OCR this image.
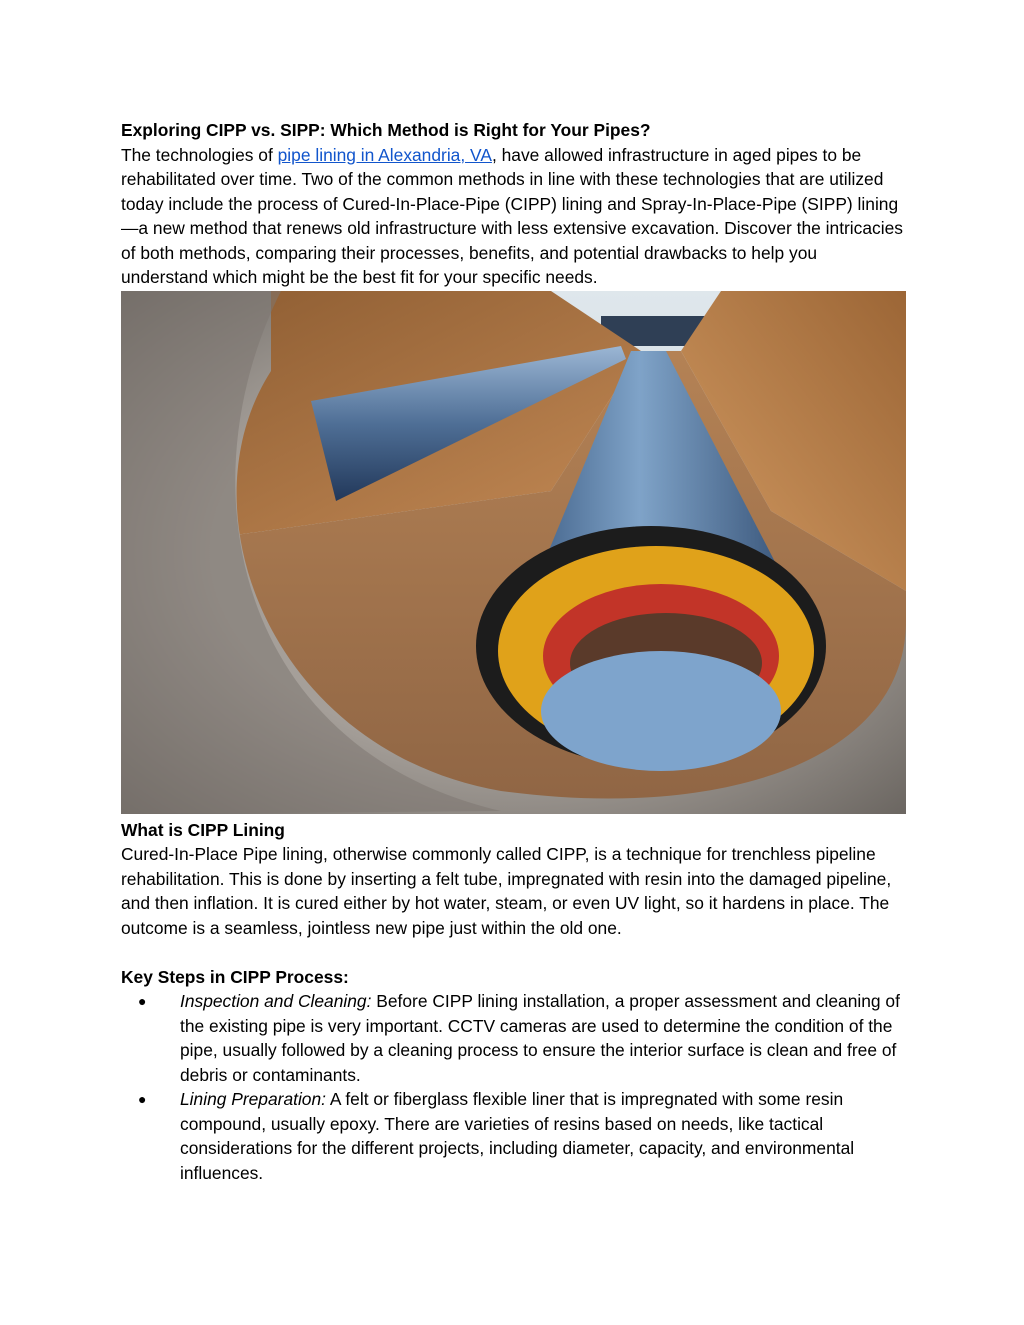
Exploring CIPP vs. SIPP: Which Method is Right for Your Pipes?

The technologies of pipe lining in Alexandria, VA, have allowed infrastructure in aged pipes to be rehabilitated over time. Two of the common methods in line with these technologies that are utilized today include the process of Cured-In-Place-Pipe (CIPP) lining and Spray-In-Place-Pipe (SIPP) lining—a new method that renews old infrastructure with less extensive excavation. Discover the intricacies of both methods, comparing their processes, benefits, and potential drawbacks to help you understand which might be the best fit for your specific needs.

What is CIPP Lining

Cured-In-Place Pipe lining, otherwise commonly called CIPP, is a technique for trenchless pipeline rehabilitation. This is done by inserting a felt tube, impregnated with resin into the damaged pipeline, and then inflation. It is cured either by hot water, steam, or even UV light, so it hardens in place. The outcome is a seamless, jointless new pipe just within the old one.

Key Steps in CIPP Process:

● Inspection and Cleaning: Before CIPP lining installation, a proper assessment and cleaning of the existing pipe is very important. CCTV cameras are used to determine the condition of the pipe, usually followed by a cleaning process to ensure the interior surface is clean and free of debris or contaminants.
● Lining Preparation: A felt or fiberglass flexible liner that is impregnated with some resin compound, usually epoxy. There are varieties of resins based on needs, like tactical considerations for the different projects, including diameter, capacity, and environmental influences.
